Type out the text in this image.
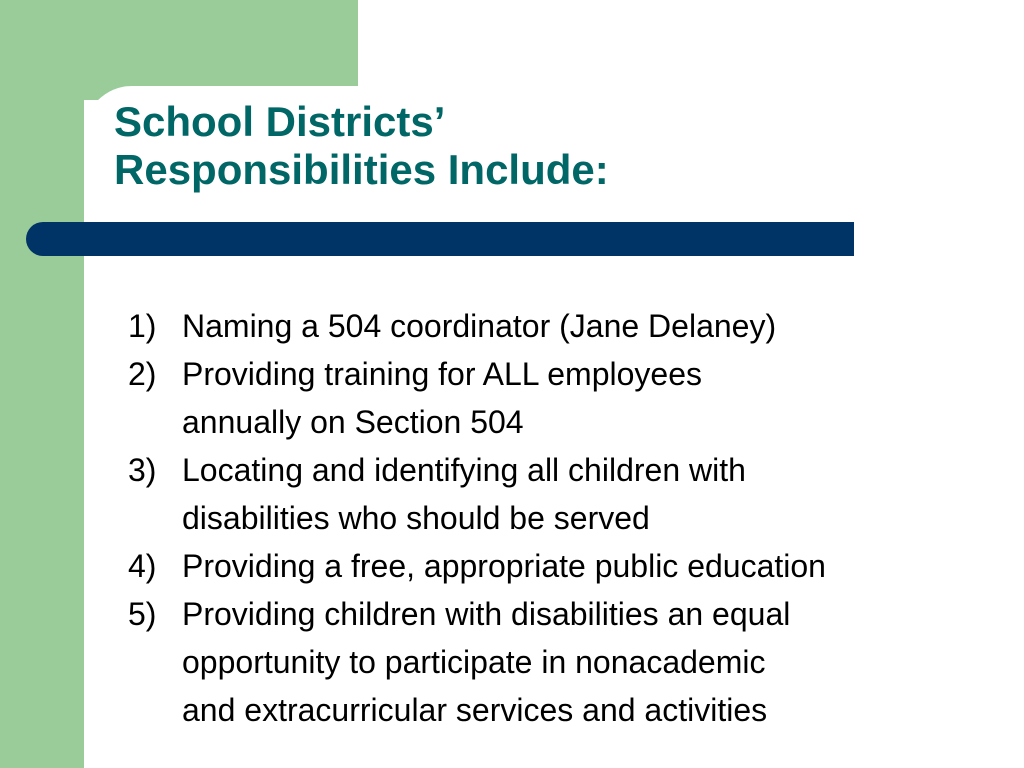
School Districts’
Responsibilities Include:
1) Naming a 504 coordinator (Jane Delaney)
2) Providing training for ALL employees
annually on Section 504
3) Locating and identifying all children with
disabilities who should be served
4) Providing a free, appropriate public education
5) Providing children with disabilities an equal
opportunity to participate in nonacademic
and extracurricular services and activities
